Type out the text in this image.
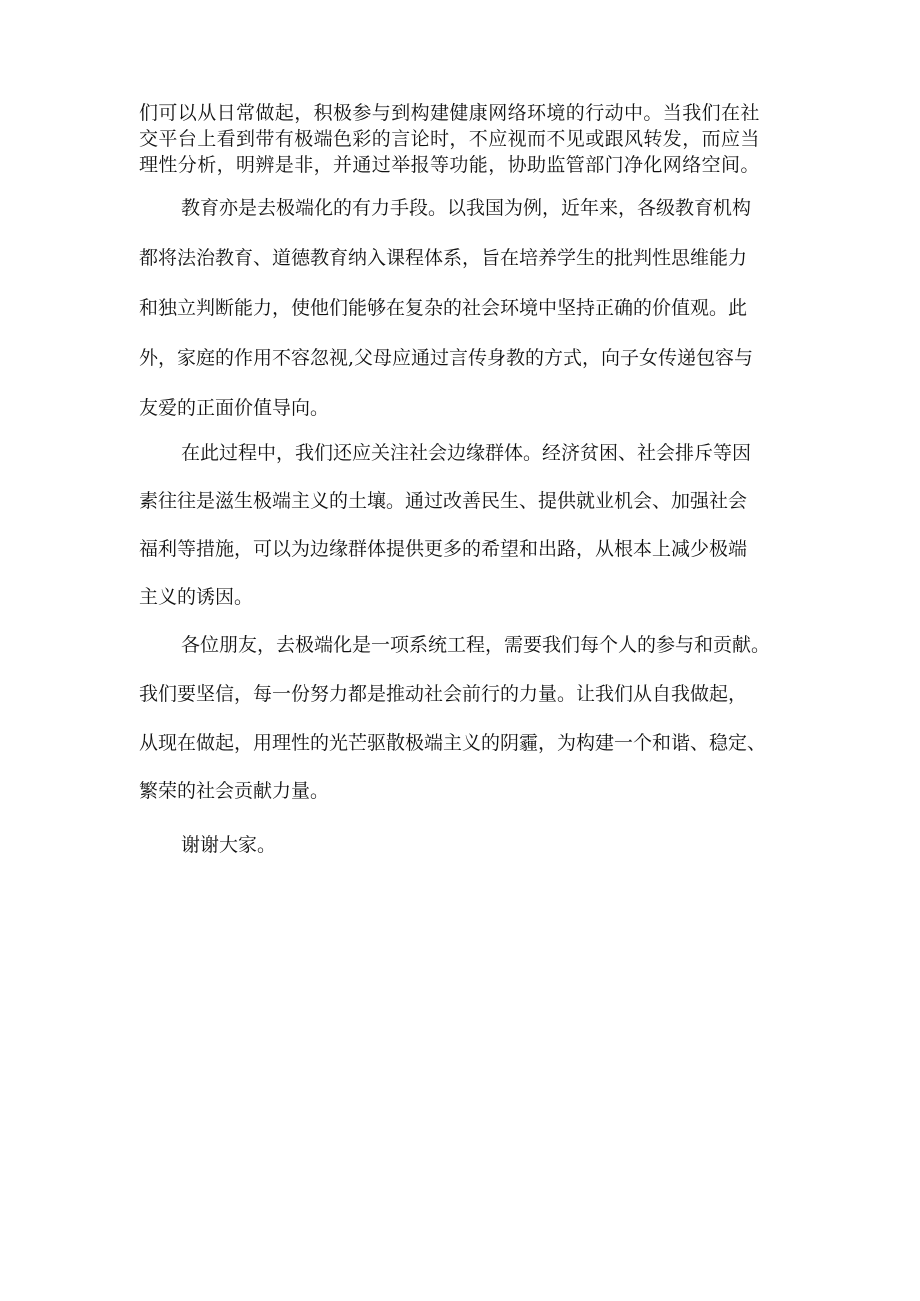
们可以从日常做起，积极参与到构建健康网络环境的行动中。当我们在社
交平台上看到带有极端色彩的言论时，不应视而不见或跟风转发，而应当
理性分析，明辨是非，并通过举报等功能，协助监管部门净化网络空间。
教育亦是去极端化的有力手段。以我国为例，近年来，各级教育机构
都将法治教育、道德教育纳入课程体系，旨在培养学生的批判性思维能力
和独立判断能力，使他们能够在复杂的社会环境中坚持正确的价值观。此
外，家庭的作用不容忽视,父母应通过言传身教的方式，向子女传递包容与
友爱的正面价值导向。
在此过程中，我们还应关注社会边缘群体。经济贫困、社会排斥等因
素往往是滋生极端主义的土壤。通过改善民生、提供就业机会、加强社会
福利等措施，可以为边缘群体提供更多的希望和出路，从根本上减少极端
主义的诱因。
各位朋友，去极端化是一项系统工程，需要我们每个人的参与和贡献。
我们要坚信，每一份努力都是推动社会前行的力量。让我们从自我做起，
从现在做起，用理性的光芒驱散极端主义的阴霾，为构建一个和谐、稳定、
繁荣的社会贡献力量。
谢谢大家。
